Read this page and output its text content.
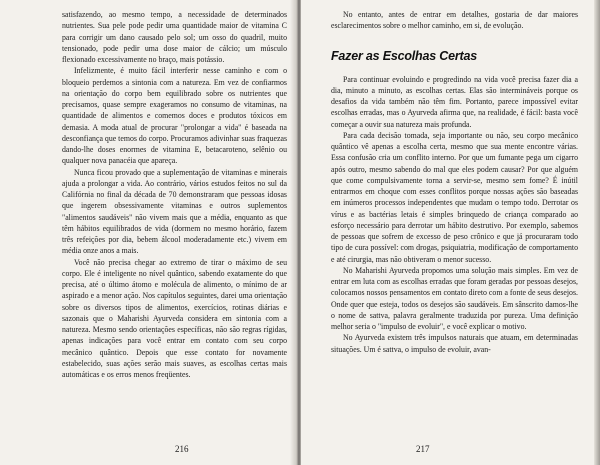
satisfazendo, ao mesmo tempo, a necessidade de determinados nutrientes. Sua pele pode pedir uma quantidade maior de vitamina C para corrigir um dano causado pelo sol; um osso do quadril, muito tensionado, pode pedir uma dose maior de cálcio; um músculo flexionado excessivamente no braço, mais potássio.

Infelizmente, é muito fácil interferir nesse caminho e com o bloqueio perdemos a sintonia com a natureza. Em vez de confiarmos na orientação do corpo bem equilibrado sobre os nutrientes que precisamos, quase sempre exageramos no consumo de vitaminas, na quantidade de alimentos e comemos doces e produtos tóxicos em demasia. A moda atual de procurar "prolongar a vida" é baseada na desconfiança que temos do corpo. Procuramos adivinhar suas fraquezas dando-lhe doses enormes de vitamina E, betacaroteno, selênio ou qualquer nova panacéia que apareça.

Nunca ficou provado que a suplementação de vitaminas e minerais ajuda a prolongar a vida. Ao contrário, vários estudos feitos no sul da Califórnia no final da década de 70 demonstraram que pessoas idosas que ingerem obsessivamente vitaminas e outros suplementos "alimentos saudáveis" não vivem mais que a média, enquanto as que têm hábitos equilibrados de vida (dormem no mesmo horário, fazem três refeições por dia, bebem álcool moderadamente etc.) vivem em média onze anos a mais.

Você não precisa chegar ao extremo de tirar o máximo de seu corpo. Ele é inteligente no nível quântico, sabendo exatamente do que precisa, até o último átomo e molécula de alimento, o mínimo de ar aspirado e a menor ação. Nos capítulos seguintes, darei uma orientação sobre os diversos tipos de alimentos, exercícios, rotinas diárias e sazonais que o Maharishi Ayurveda considera em sintonia com a natureza. Mesmo sendo orientações específicas, não são regras rígidas, apenas indicações para você entrar em contato com seu corpo mecânico quântico. Depois que esse contato for novamente estabelecido, suas ações serão mais suaves, as escolhas certas mais automáticas e os erros menos freqüentes.

216

No entanto, antes de entrar em detalhes, gostaria de dar maiores esclarecimentos sobre o melhor caminho, em si, de evolução.

Fazer as Escolhas Certas

Para continuar evoluindo e progredindo na vida você precisa fazer dia a dia, minuto a minuto, as escolhas certas. Elas são intermináveis porque os desafios da vida também não têm fim. Portanto, parece impossível evitar escolhas erradas, mas o Ayurveda afirma que, na realidade, é fácil: basta você começar a ouvir sua natureza mais profunda.

Para cada decisão tomada, seja importante ou não, seu corpo mecânico quântico vê apenas a escolha certa, mesmo que sua mente encontre várias. Essa confusão cria um conflito interno. Por que um fumante pega um cigarro após outro, mesmo sabendo do mal que eles podem causar? Por que alguém que come compulsivamente torna a servir-se, mesmo sem fome? É inútil entrarmos em choque com esses conflitos porque nossas ações são baseadas em inúmeros processos independentes que mudam o tempo todo. Derrotar os vírus e as bactérias letais é simples brinquedo de criança comparado ao esforço necessário para derrotar um hábito destrutivo. Por exemplo, sabemos de pessoas que sofrem de excesso de peso crônico e que já procuraram todo tipo de cura possível: com drogas, psiquiatria, modificação de comportamento e até cirurgia, mas não obtiveram o menor sucesso.

No Maharishi Ayurveda propomos uma solução mais simples. Em vez de entrar em luta com as escolhas erradas que foram geradas por pessoas desejos, colocamos nossos pensamentos em contato direto com a fonte de seus desejos. Onde quer que esteja, todos os desejos são saudáveis. Em sânscrito damos-lhe o nome de sattva, palavra geralmente traduzida por pureza. Uma definição melhor seria o "impulso de evoluir", e você explicar o motivo.

No Ayurveda existem três impulsos naturais que atuam, em determinadas situações. Um é sattva, o impulso de evoluir, avan-

217
